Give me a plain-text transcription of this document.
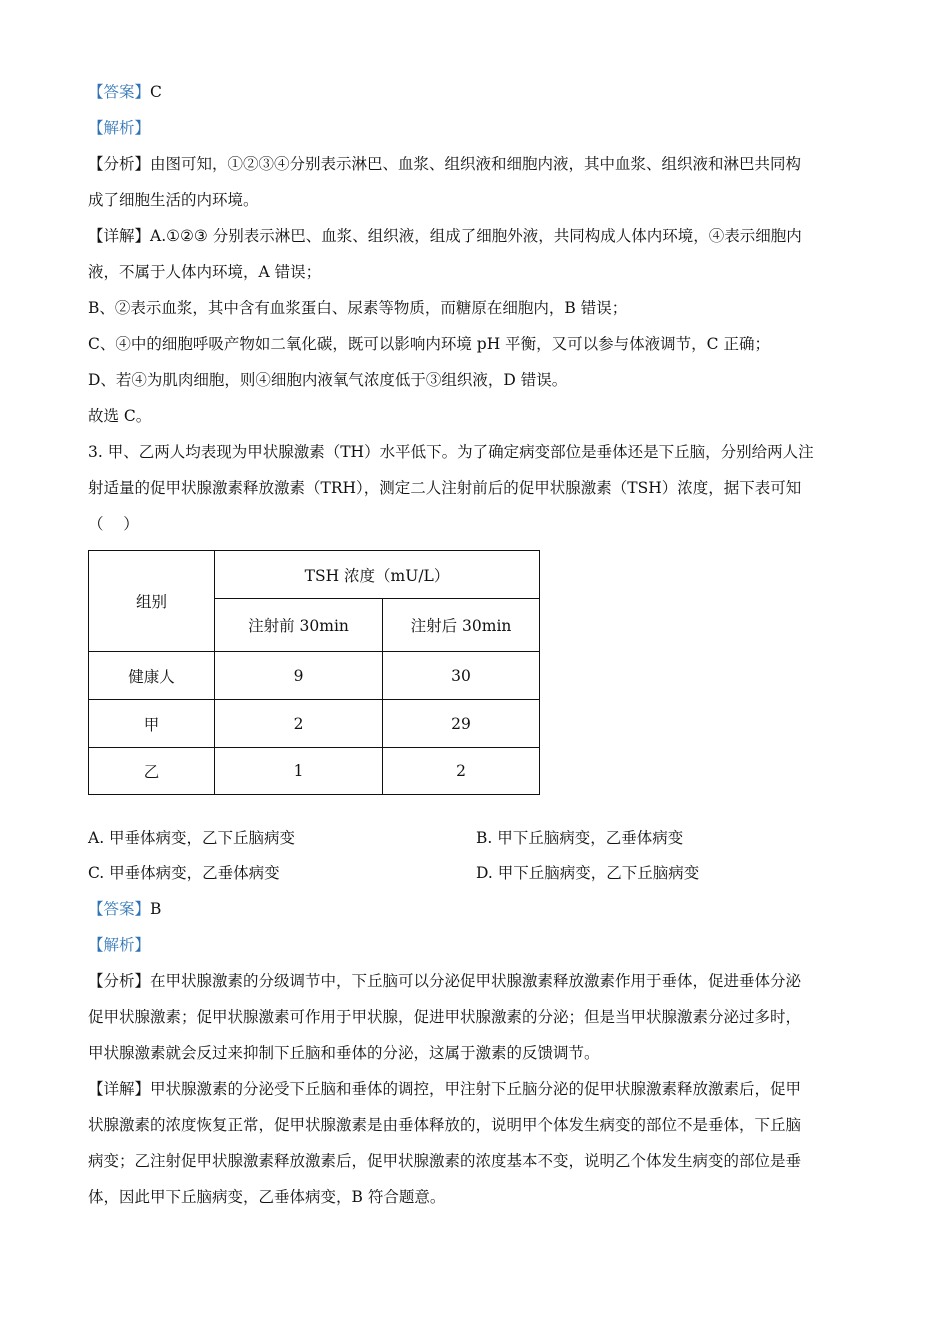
【答案】C
【解析】
【分析】由图可知，①②③④分别表示淋巴、血浆、组织液和细胞内液，其中血浆、组织液和淋巴共同构
成了细胞生活的内环境。
【详解】A.①②③ 分别表示淋巴、血浆、组织液，组成了细胞外液，共同构成人体内环境，④表示细胞内
液，不属于人体内环境，A 错误；
B、②表示血浆，其中含有血浆蛋白、尿素等物质，而糖原在细胞内，B 错误；
C、④中的细胞呼吸产物如二氧化碳，既可以影响内环境 pH 平衡，又可以参与体液调节，C 正确；
D、若④为肌肉细胞，则④细胞内液氧气浓度低于③组织液，D 错误。
故选 C。
3. 甲、乙两人均表现为甲状腺激素（TH）水平低下。为了确定病变部位是垂体还是下丘脑，分别给两人注
射适量的促甲状腺激素释放激素（TRH），测定二人注射前后的促甲状腺激素（TSH）浓度，据下表可知
（    ）
组别	TSH 浓度（mU/L）	
	注射前 30min	注射后 30min
健康人	9	30
甲	2	29
乙	1	2
A. 甲垂体病变，乙下丘脑病变	B. 甲下丘脑病变，乙垂体病变
C. 甲垂体病变，乙垂体病变	D. 甲下丘脑病变，乙下丘脑病变
【答案】B
【解析】
【分析】在甲状腺激素的分级调节中，下丘脑可以分泌促甲状腺激素释放激素作用于垂体，促进垂体分泌
促甲状腺激素；促甲状腺激素可作用于甲状腺，促进甲状腺激素的分泌；但是当甲状腺激素分泌过多时，
甲状腺激素就会反过来抑制下丘脑和垂体的分泌，这属于激素的反馈调节。
【详解】甲状腺激素的分泌受下丘脑和垂体的调控，甲注射下丘脑分泌的促甲状腺激素释放激素后，促甲
状腺激素的浓度恢复正常，促甲状腺激素是由垂体释放的，说明甲个体发生病变的部位不是垂体，下丘脑
病变；乙注射促甲状腺激素释放激素后，促甲状腺激素的浓度基本不变，说明乙个体发生病变的部位是垂
体，因此甲下丘脑病变，乙垂体病变，B 符合题意。
